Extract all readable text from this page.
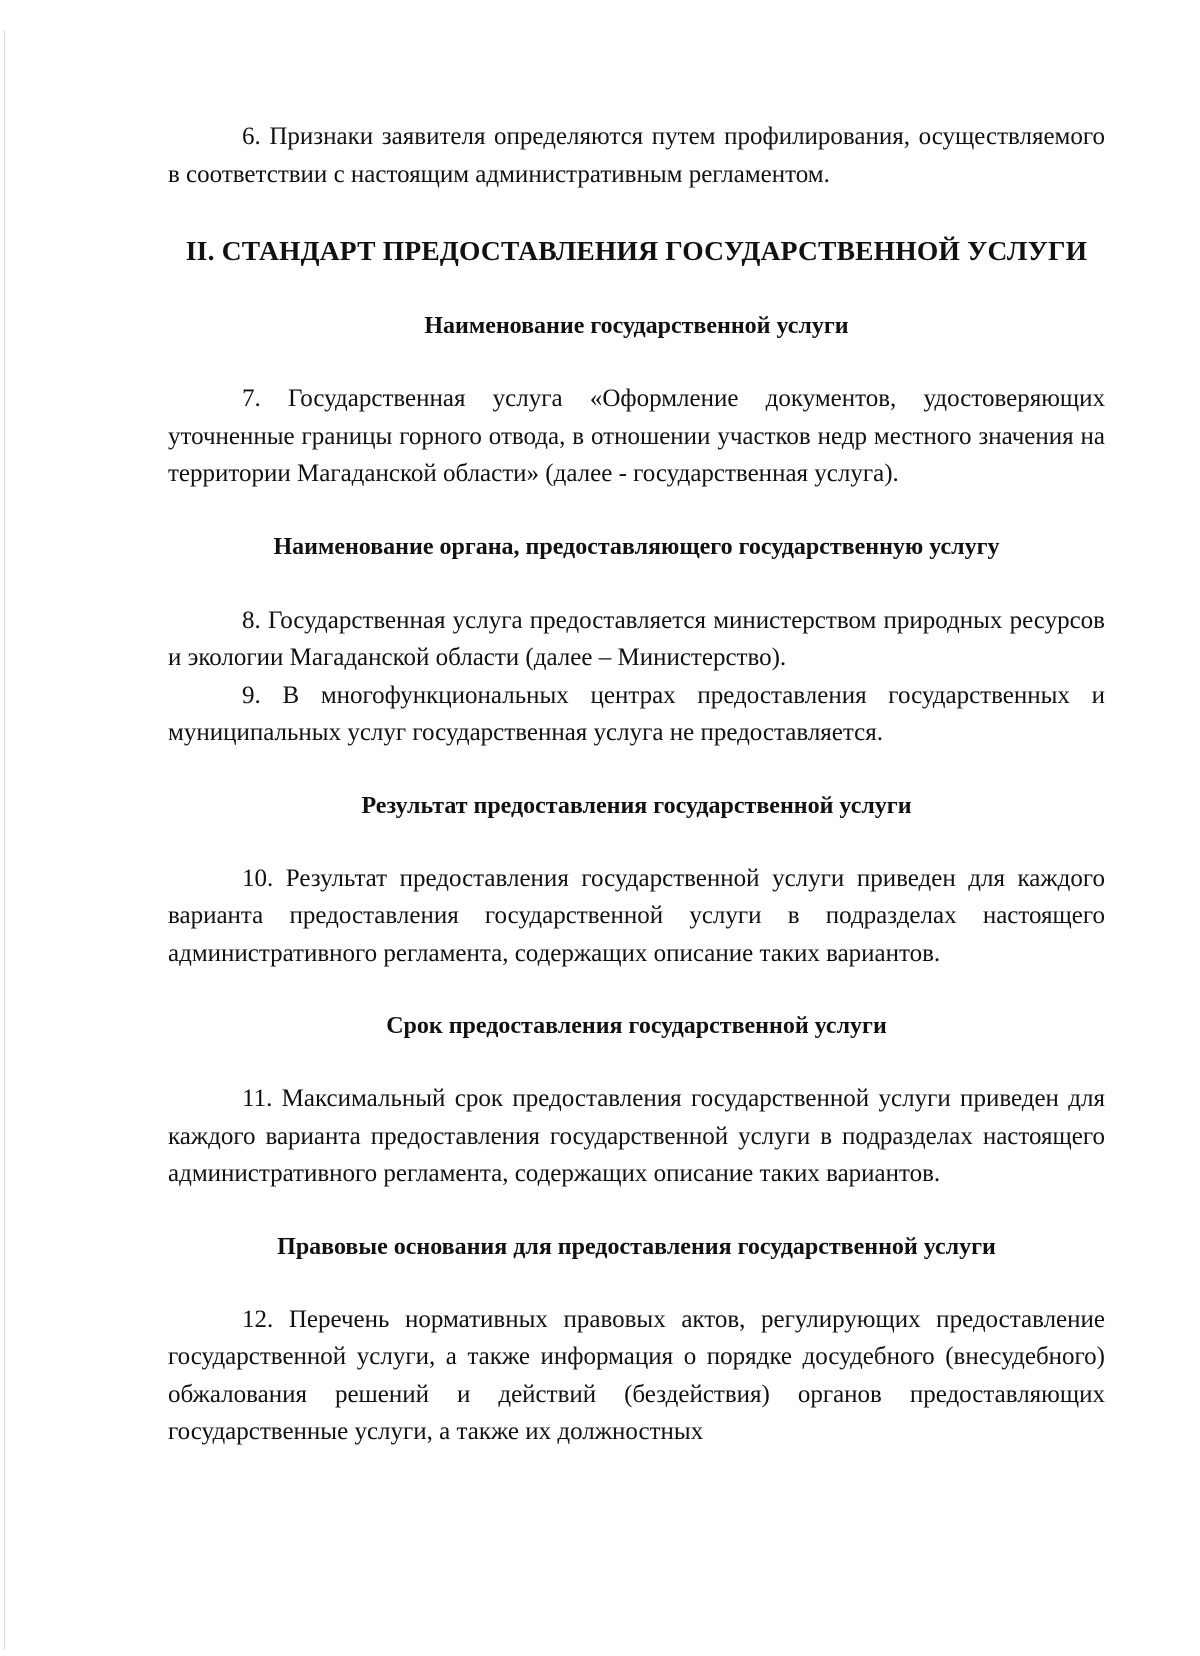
6. Признаки заявителя определяются путем профилирования, осуществляемого в соответствии с настоящим административным регламентом.

II. СТАНДАРТ ПРЕДОСТАВЛЕНИЯ ГОСУДАРСТВЕННОЙ УСЛУГИ
Наименование государственной услуги

7. Государственная услуга «Оформление документов, удостоверяющих уточненные границы горного отвода, в отношении участков недр местного значения на территории Магаданской области» (далее - государственная услуга).

Наименование органа, предоставляющего государственную услугу

8. Государственная услуга предоставляется министерством природных ресурсов и экологии Магаданской области (далее – Министерство).

9. В многофункциональных центрах предоставления государственных и муниципальных услуг государственная услуга не предоставляется.

Результат предоставления государственной услуги

10. Результат предоставления государственной услуги приведен для каждого варианта предоставления государственной услуги в подразделах настоящего административного регламента, содержащих описание таких вариантов.

Срок предоставления государственной услуги

11. Максимальный срок предоставления государственной услуги приведен для каждого варианта предоставления государственной услуги в подразделах настоящего административного регламента, содержащих описание таких вариантов.

Правовые основания для предоставления государственной услуги

12. Перечень нормативных правовых актов, регулирующих предоставление государственной услуги, а также информация о порядке досудебного (внесудебного) обжалования решений и действий (бездействия) органов предоставляющих государственные услуги, а также их должностных
